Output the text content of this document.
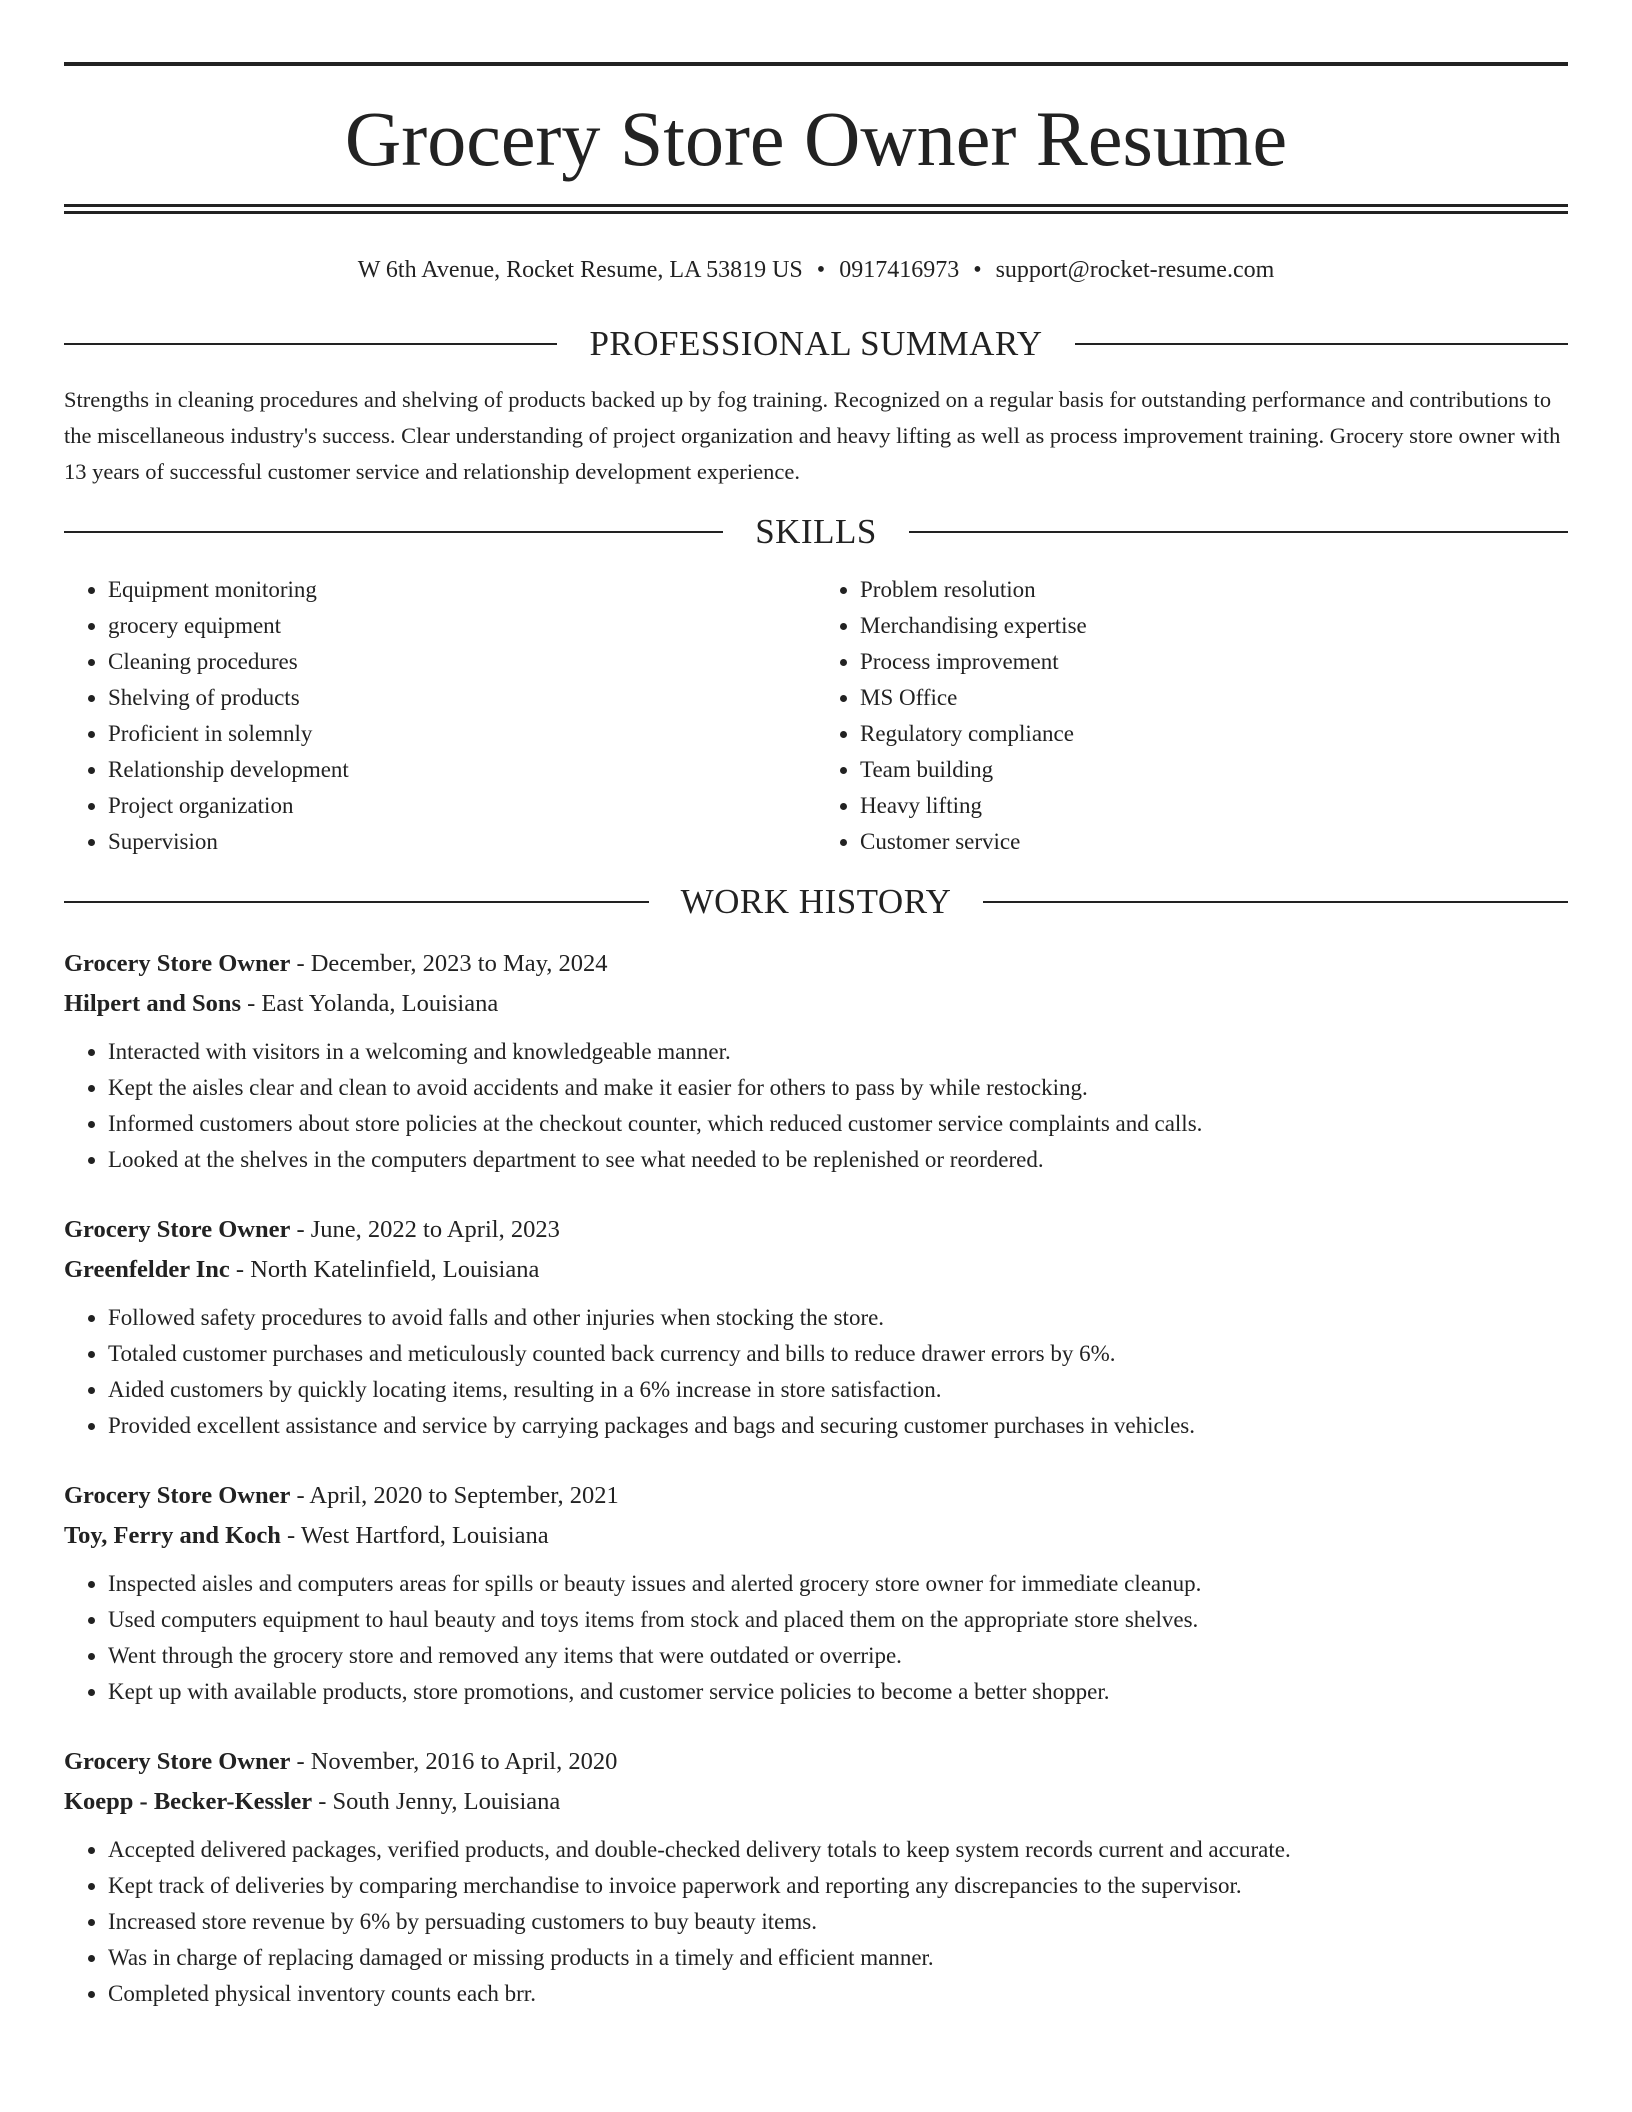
Grocery Store Owner Resume
W 6th Avenue, Rocket Resume, LA 53819 US • 0917416973 • support@rocket-resume.com
PROFESSIONAL SUMMARY

Strengths in cleaning procedures and shelving of products backed up by fog training. Recognized on a regular basis for outstanding performance and contributions to the miscellaneous industry's success. Clear understanding of project organization and heavy lifting as well as process improvement training. Grocery store owner with 13 years of successful customer service and relationship development experience.

SKILLS
• Equipment monitoring
• grocery equipment
• Cleaning procedures
• Shelving of products
• Proficient in solemnly
• Relationship development
• Project organization
• Supervision
• Problem resolution
• Merchandising expertise
• Process improvement
• MS Office
• Regulatory compliance
• Team building
• Heavy lifting
• Customer service
WORK HISTORY
Grocery Store Owner - December, 2023 to May, 2024
Hilpert and Sons - East Yolanda, Louisiana
• Interacted with visitors in a welcoming and knowledgeable manner.
• Kept the aisles clear and clean to avoid accidents and make it easier for others to pass by while restocking.
• Informed customers about store policies at the checkout counter, which reduced customer service complaints and calls.
• Looked at the shelves in the computers department to see what needed to be replenished or reordered.
Grocery Store Owner - June, 2022 to April, 2023
Greenfelder Inc - North Katelinfield, Louisiana
• Followed safety procedures to avoid falls and other injuries when stocking the store.
• Totaled customer purchases and meticulously counted back currency and bills to reduce drawer errors by 6%.
• Aided customers by quickly locating items, resulting in a 6% increase in store satisfaction.
• Provided excellent assistance and service by carrying packages and bags and securing customer purchases in vehicles.
Grocery Store Owner - April, 2020 to September, 2021
Toy, Ferry and Koch - West Hartford, Louisiana
• Inspected aisles and computers areas for spills or beauty issues and alerted grocery store owner for immediate cleanup.
• Used computers equipment to haul beauty and toys items from stock and placed them on the appropriate store shelves.
• Went through the grocery store and removed any items that were outdated or overripe.
• Kept up with available products, store promotions, and customer service policies to become a better shopper.
Grocery Store Owner - November, 2016 to April, 2020
Koepp - Becker-Kessler - South Jenny, Louisiana
• Accepted delivered packages, verified products, and double-checked delivery totals to keep system records current and accurate.
• Kept track of deliveries by comparing merchandise to invoice paperwork and reporting any discrepancies to the supervisor.
• Increased store revenue by 6% by persuading customers to buy beauty items.
• Was in charge of replacing damaged or missing products in a timely and efficient manner.
• Completed physical inventory counts each brr.
